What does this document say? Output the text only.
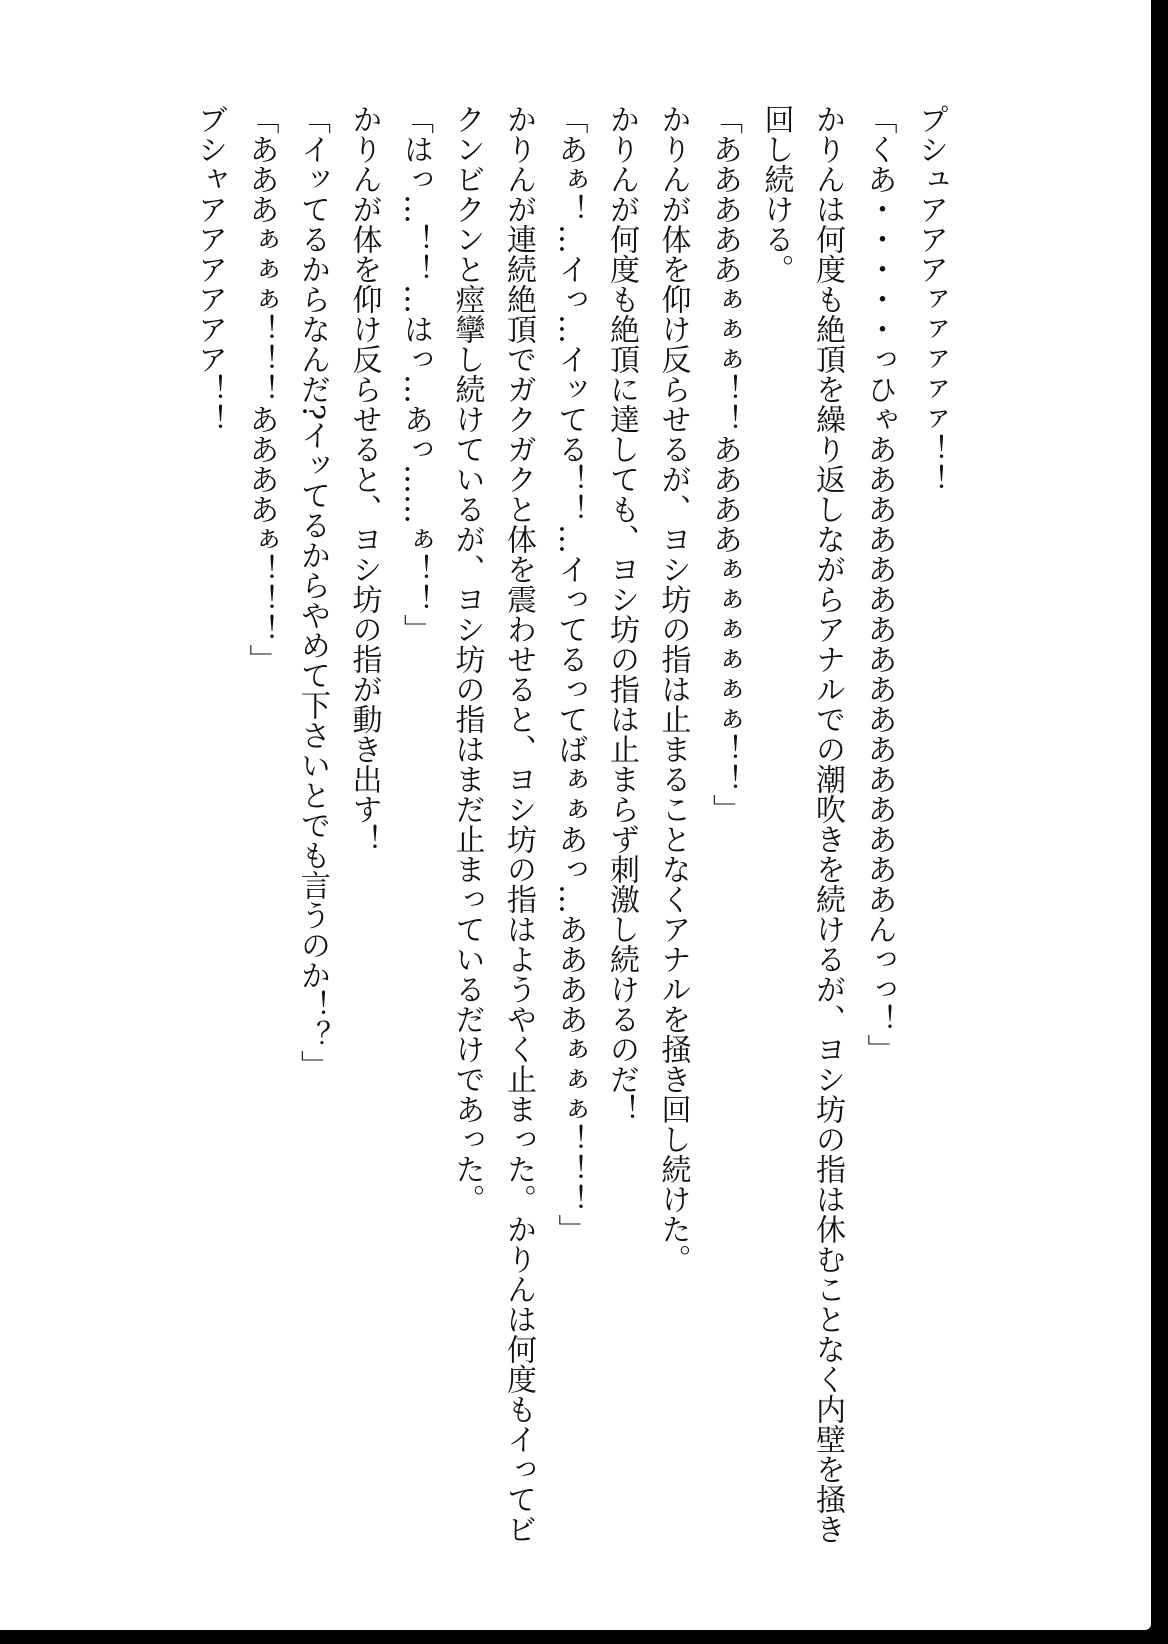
プシュアアアァァァァァ！！
「くあ・・・・・っひゃああああああああああああああああんっっ！」
かりんは何度も絶頂を繰り返しながらアナルでの潮吹きを続けるが、ヨシ坊の指は休むことなく内壁を掻き回し続ける。
「あああああぁぁぁ！！ああああぁぁぁぁぁぁ！！」
かりんが体を仰け反らせるが、ヨシ坊の指は止まることなくアナルを掻き回し続けた。
かりんが何度も絶頂に達しても、ヨシ坊の指は止まらず刺激し続けるのだ！
「あぁ！…イっ…イッてる！！…イってるってばぁぁあっ…ああああぁぁぁ！！！」
かりんが連続絶頂でガクガクと体を震わせると、ヨシ坊の指はようやく止まった。かりんは何度もイってビクンビクンと痙攣し続けているが、ヨシ坊の指はまだ止まっているだけであった。
「はっ…！！…はっ…あっ……ぁ！！」
かりんが体を仰け反らせると、ヨシ坊の指が動き出す！
「イッてるからなんだ?イッてるからやめて下さいとでも言うのか！？」
「あああぁぁぁ！！！ああああぁ！！！」
ブシャアアアアアア！！
